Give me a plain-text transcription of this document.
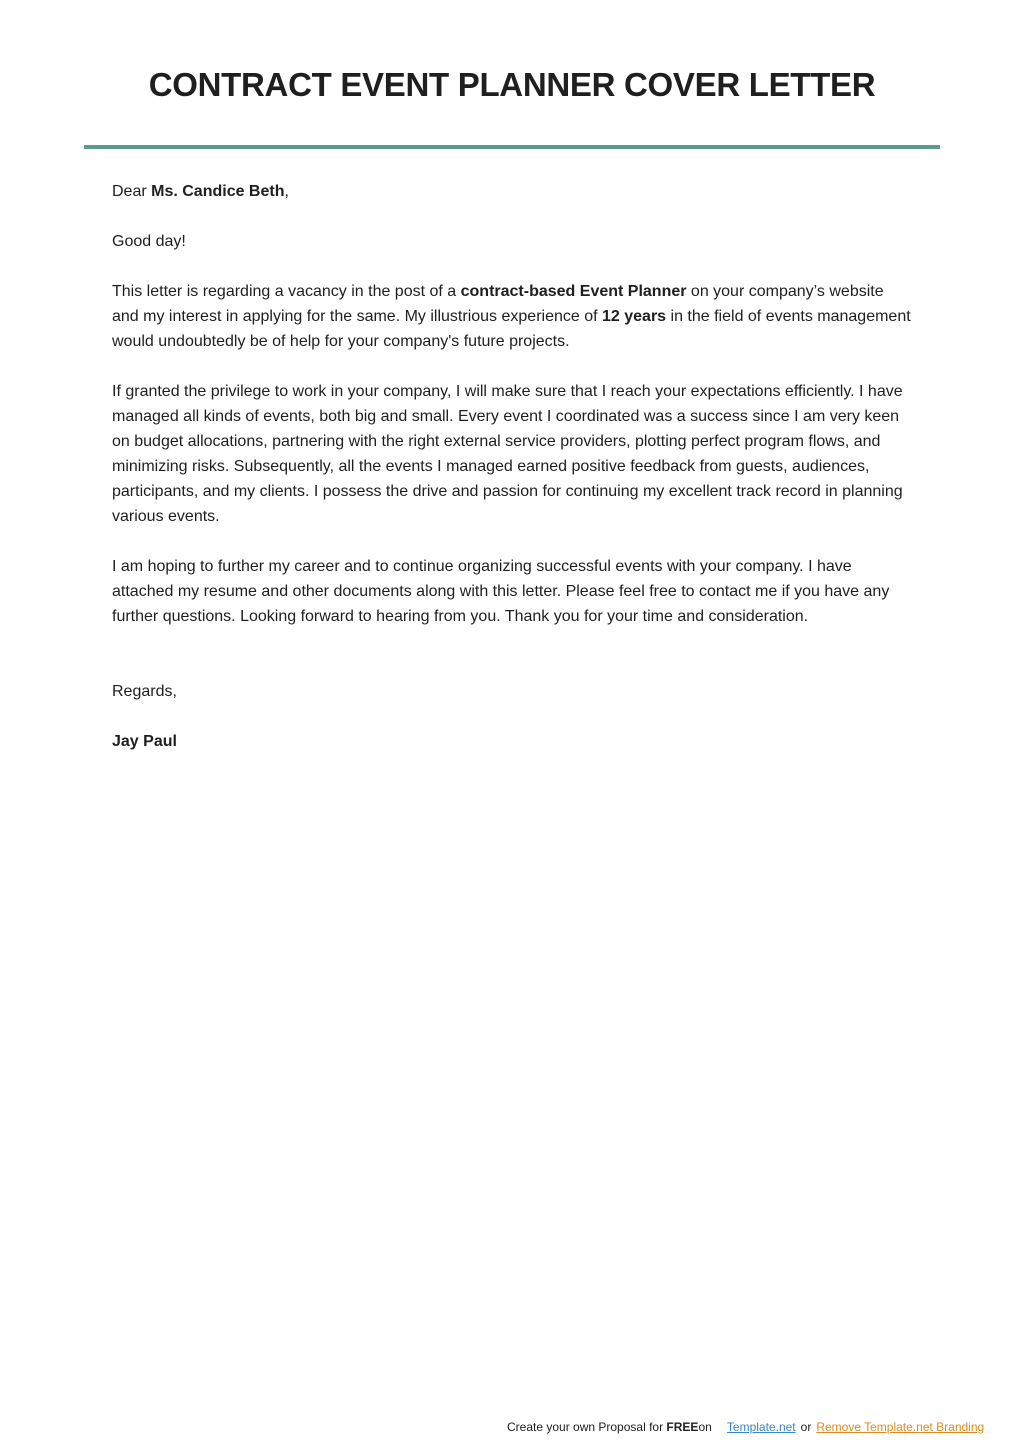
CONTRACT EVENT PLANNER COVER LETTER

Dear Ms. Candice Beth,

Good day!

This letter is regarding a vacancy in the post of a contract-based Event Planner on your company’s website and my interest in applying for the same. My illustrious experience of 12 years in the field of events management would undoubtedly be of help for your company's future projects.

If granted the privilege to work in your company, I will make sure that I reach your expectations efficiently. I have managed all kinds of events, both big and small. Every event I coordinated was a success since I am very keen on budget allocations, partnering with the right external service providers, plotting perfect program flows, and minimizing risks. Subsequently, all the events I managed earned positive feedback from guests, audiences, participants, and my clients. I possess the drive and passion for continuing my excellent track record in planning various events.

I am hoping to further my career and to continue organizing successful events with your company. I have attached my resume and other documents along with this letter. Please feel free to contact me if you have any further questions. Looking forward to hearing from you. Thank you for your time and consideration.

Regards,

Jay Paul

Create your own Proposal for FREEon Template.net or Remove Template.net Branding
